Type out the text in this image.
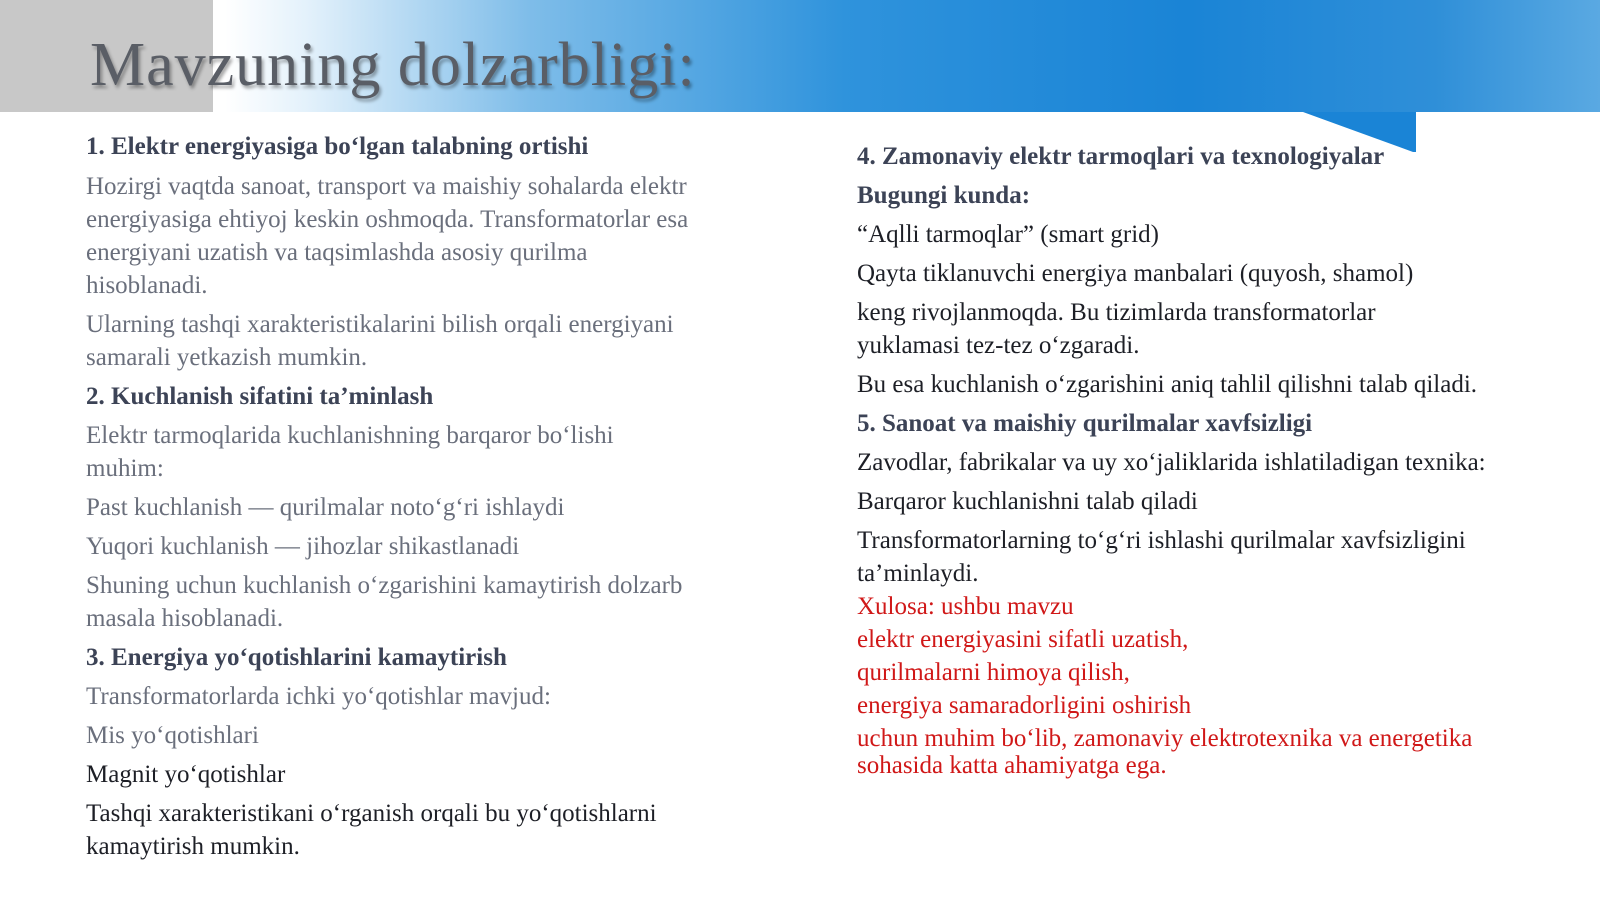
Mavzuning dolzarbligi:

1. Elektr energiyasiga bo‘lgan talabning ortishi

Hozirgi vaqtda sanoat, transport va maishiy sohalarda elektr

energiyasiga ehtiyoj keskin oshmoqda. Transformatorlar esa

energiyani uzatish va taqsimlashda asosiy qurilma

hisoblanadi.

Ularning tashqi xarakteristikalarini bilish orqali energiyani

samarali yetkazish mumkin.

2. Kuchlanish sifatini ta’minlash

Elektr tarmoqlarida kuchlanishning barqaror bo‘lishi

muhim:

Past kuchlanish — qurilmalar noto‘g‘ri ishlaydi

Yuqori kuchlanish — jihozlar shikastlanadi

Shuning uchun kuchlanish o‘zgarishini kamaytirish dolzarb

masala hisoblanadi.

3. Energiya yo‘qotishlarini kamaytirish

Transformatorlarda ichki yo‘qotishlar mavjud:

Mis yo‘qotishlari

Magnit yo‘qotishlar

Tashqi xarakteristikani o‘rganish orqali bu yo‘qotishlarni

kamaytirish mumkin.

4. Zamonaviy elektr tarmoqlari va texnologiyalar

Bugungi kunda:

“Aqlli tarmoqlar” (smart grid)

Qayta tiklanuvchi energiya manbalari (quyosh, shamol)

keng rivojlanmoqda. Bu tizimlarda transformatorlar

yuklamasi tez-tez o‘zgaradi.

Bu esa kuchlanish o‘zgarishini aniq tahlil qilishni talab qiladi.

5. Sanoat va maishiy qurilmalar xavfsizligi

Zavodlar, fabrikalar va uy xo‘jaliklarida ishlatiladigan texnika:

Barqaror kuchlanishni talab qiladi

Transformatorlarning to‘g‘ri ishlashi qurilmalar xavfsizligini

ta’minlaydi.

Xulosa: ushbu mavzu

elektr energiyasini sifatli uzatish,

qurilmalarni himoya qilish,

energiya samaradorligini oshirish

uchun muhim bo‘lib, zamonaviy elektrotexnika va energetika

sohasida katta ahamiyatga ega.
